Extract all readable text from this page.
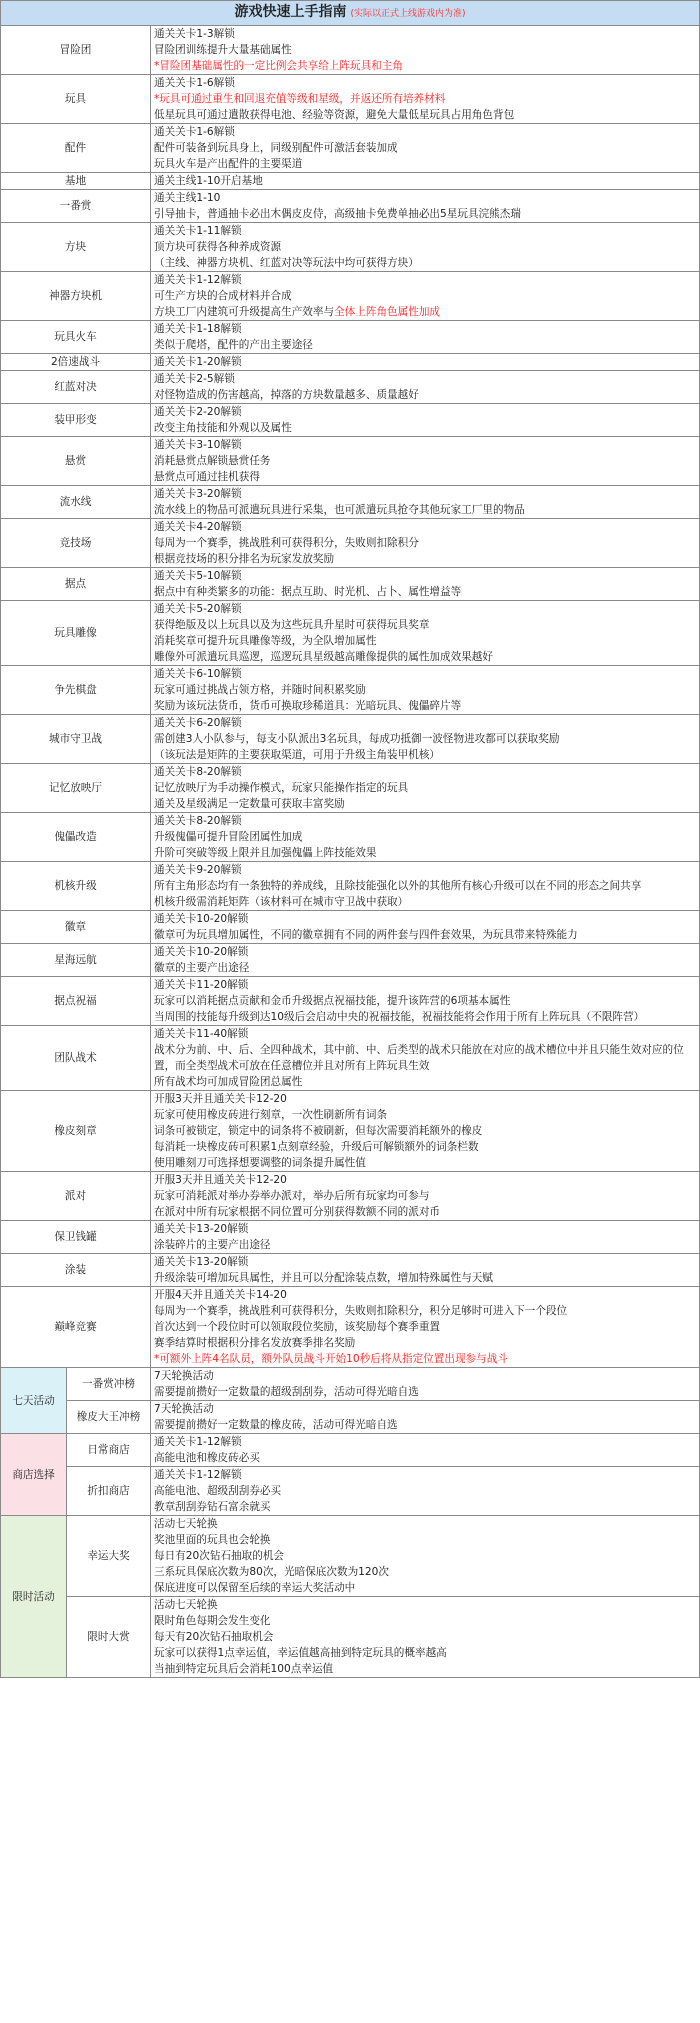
游戏快速上手指南 (实际以正式上线游戏内为准)		
冒险团		通关关卡1-3解锁
冒险团训练提升大量基础属性
*冒险团基础属性的一定比例会共享给上阵玩具和主角

玩具		通关关卡1-6解锁
*玩具可通过重生和回退充值等级和星级，并返还所有培养材料
低星玩具可通过遣散获得电池、经验等资源，避免大量低星玩具占用角色背包

配件		通关关卡1-6解锁
配件可装备到玩具身上，同级别配件可激活套装加成
玩具火车是产出配件的主要渠道

基地		通关主线1-10开启基地

一番赏		通关主线1-10
引导抽卡，普通抽卡必出木偶皮皮侍，高级抽卡免费单抽必出5星玩具浣熊杰瑞

方块		通关关卡1-11解锁
顶方块可获得各种养成资源
（主线、神器方块机、红蓝对决等玩法中均可获得方块）

神器方块机		通关关卡1-12解锁
可生产方块的合成材料并合成
方块工厂内建筑可升级提高生产效率与全体上阵角色属性加成

玩具火车		通关关卡1-18解锁
类似于爬塔，配件的产出主要途径

2倍速战斗		通关关卡1-20解锁

红蓝对决		通关关卡2-5解锁
对怪物造成的伤害越高，掉落的方块数量越多、质量越好

装甲形变		通关关卡2-20解锁
改变主角技能和外观以及属性

悬赏		通关关卡3-10解锁
消耗悬赏点解锁悬赏任务
悬赏点可通过挂机获得

流水线		通关关卡3-20解锁
流水线上的物品可派遣玩具进行采集，也可派遣玩具抢夺其他玩家工厂里的物品

竞技场		通关关卡4-20解锁
每周为一个赛季，挑战胜利可获得积分，失败则扣除积分
根据竞技场的积分排名为玩家发放奖励

据点		通关关卡5-10解锁
据点中有种类繁多的功能：据点互助、时光机、占卜、属性增益等

玩具雕像		通关关卡5-20解锁
获得绝版及以上玩具以及为这些玩具升星时可获得玩具奖章
消耗奖章可提升玩具雕像等级，为全队增加属性
雕像外可派遣玩具巡逻，巡逻玩具星级越高雕像提供的属性加成效果越好

争先棋盘		通关关卡6-10解锁
玩家可通过挑战占领方格，并随时间积累奖励
奖励为该玩法货币，货币可换取珍稀道具：光暗玩具、傀儡碎片等

城市守卫战		通关关卡6-20解锁
需创建3人小队参与，每支小队派出3名玩具，每成功抵御一波怪物进攻都可以获取奖励
（该玩法是矩阵的主要获取渠道，可用于升级主角装甲机核）

记忆放映厅		通关关卡8-20解锁
记忆放映厅为手动操作模式，玩家只能操作指定的玩具
通关及星级满足一定数量可获取丰富奖励

傀儡改造		通关关卡8-20解锁
升级傀儡可提升冒险团属性加成
升阶可突破等级上限并且加强傀儡上阵技能效果

机核升级		通关关卡9-20解锁
所有主角形态均有一条独特的养成线，且除技能强化以外的其他所有核心升级可以在不同的形态之间共享
机核升级需消耗矩阵（该材料可在城市守卫战中获取）

徽章		通关关卡10-20解锁
徽章可为玩具增加属性，不同的徽章拥有不同的两件套与四件套效果，为玩具带来特殊能力

星海远航		通关关卡10-20解锁
徽章的主要产出途径

据点祝福		通关关卡11-20解锁
玩家可以消耗据点贡献和金币升级据点祝福技能，提升该阵营的6项基本属性
当周围的技能每升级到达10级后会启动中央的祝福技能，祝福技能将会作用于所有上阵玩具（不限阵营）

团队战术		通关关卡11-40解锁
战术分为前、中、后、全四种战术，其中前、中、后类型的战术只能放在对应的战术槽位中并且只能生效对应的位置，而全类型战术可放在任意槽位并且对所有上阵玩具生效
所有战术均可加成冒险团总属性

橡皮刻章		开服3天并且通关关卡12-20
玩家可使用橡皮砖进行刻章，一次性刷新所有词条
词条可被锁定，锁定中的词条将不被刷新，但每次需要消耗额外的橡皮
每消耗一块橡皮砖可积累1点刻章经验，升级后可解锁额外的词条栏数
使用雕刻刀可选择想要调整的词条提升属性值

派对		开服3天并且通关关卡12-20
玩家可消耗派对举办券举办派对，举办后所有玩家均可参与
在派对中所有玩家根据不同位置可分别获得数额不同的派对币

保卫钱罐		通关关卡13-20解锁
涂装碎片的主要产出途径

涂装		通关关卡13-20解锁
升级涂装可增加玩具属性，并且可以分配涂装点数，增加特殊属性与天赋

巅峰竞赛		开服4天并且通关关卡14-20
每周为一个赛季，挑战胜利可获得积分，失败则扣除积分，积分足够时可进入下一个段位
首次达到一个段位时可以领取段位奖励，该奖励每个赛季重置
赛季结算时根据积分排名发放赛季排名奖励
*可额外上阵4名队员，额外队员战斗开始10秒后将从指定位置出现参与战斗

七天活动	一番赏冲榜	7天轮换活动
需要提前攒好一定数量的超级刮刮券，活动可得光暗自选

	橡皮大王冲榜	7天轮换活动
需要提前攒好一定数量的橡皮砖，活动可得光暗自选

商店选择	日常商店	通关关卡1-12解锁
高能电池和橡皮砖必买

	折扣商店	通关关卡1-12解锁
高能电池、超级刮刮券必买
教章刮刮券钻石富余就买

限时活动	幸运大奖	活动七天轮换
奖池里面的玩具也会轮换
每日有20次钻石抽取的机会
三系玩具保底次数为80次，光暗保底次数为120次
保底进度可以保留至后续的幸运大奖活动中

	限时大赏	活动七天轮换
限时角色每期会发生变化
每天有20次钻石抽取机会
玩家可以获得1点幸运值，幸运值越高抽到特定玩具的概率越高
当抽到特定玩具后会消耗100点幸运值
